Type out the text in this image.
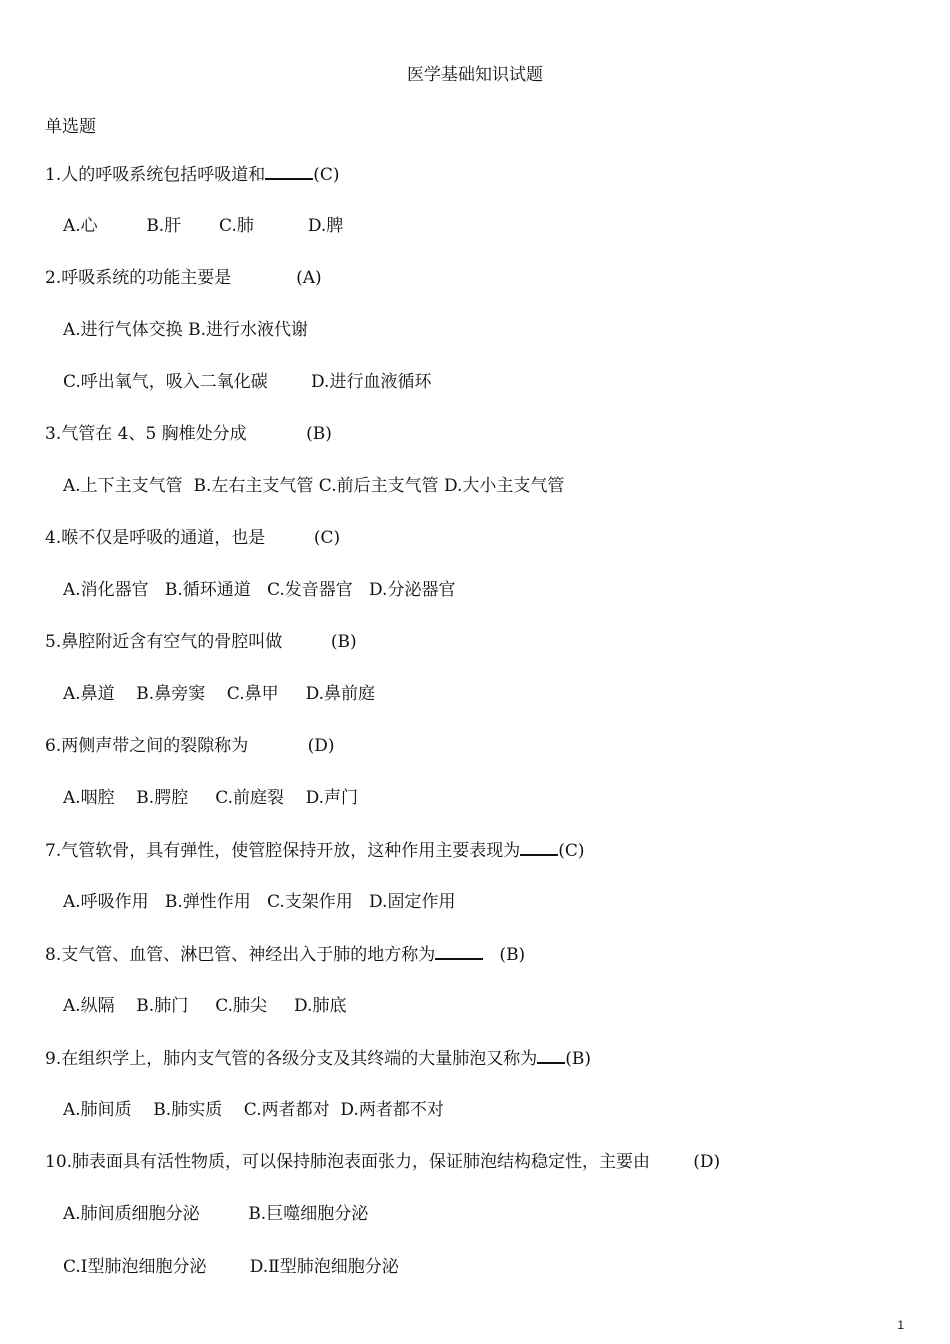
医学基础知识试题
单选题
1.人的呼吸系统包括呼吸道和	(C)
A.心         B.肝       C.肺          D.脾
2.呼吸系统的功能主要是            (A)
A.进行气体交换 B.进行水液代谢
C.呼出氧气，吸入二氧化碳        D.进行血液循环
3.气管在 4、5 胸椎处分成           (B)
A.上下主支气管  B.左右主支气管 C.前后主支气管 D.大小主支气管
4.喉不仅是呼吸的通道，也是         (C)
A.消化器官   B.循环通道   C.发音器官   D.分泌器官
5.鼻腔附近含有空气的骨腔叫做         (B)
A.鼻道    B.鼻旁窦    C.鼻甲     D.鼻前庭
6.两侧声带之间的裂隙称为           (D)
A.咽腔    B.腭腔     C.前庭裂    D.声门
7.气管软骨，具有弹性，使管腔保持开放，这种作用主要表现为 (C)
A.呼吸作用   B.弹性作用   C.支架作用   D.固定作用
8.支气管、血管、淋巴管、神经出入于肺的地方称为	(B)
A.纵隔    B.肺门     C.肺尖     D.肺底
9.在组织学上，肺内支气管的各级分支及其终端的大量肺泡又称为 (B)
A.肺间质    B.肺实质    C.两者都对  D.两者都不对
10.肺表面具有活性物质，可以保持肺泡表面张力，保证肺泡结构稳定性，主要由        (D)
A.肺间质细胞分泌         B.巨噬细胞分泌
C.Ⅰ型肺泡细胞分泌        D.Ⅱ型肺泡细胞分泌
1
